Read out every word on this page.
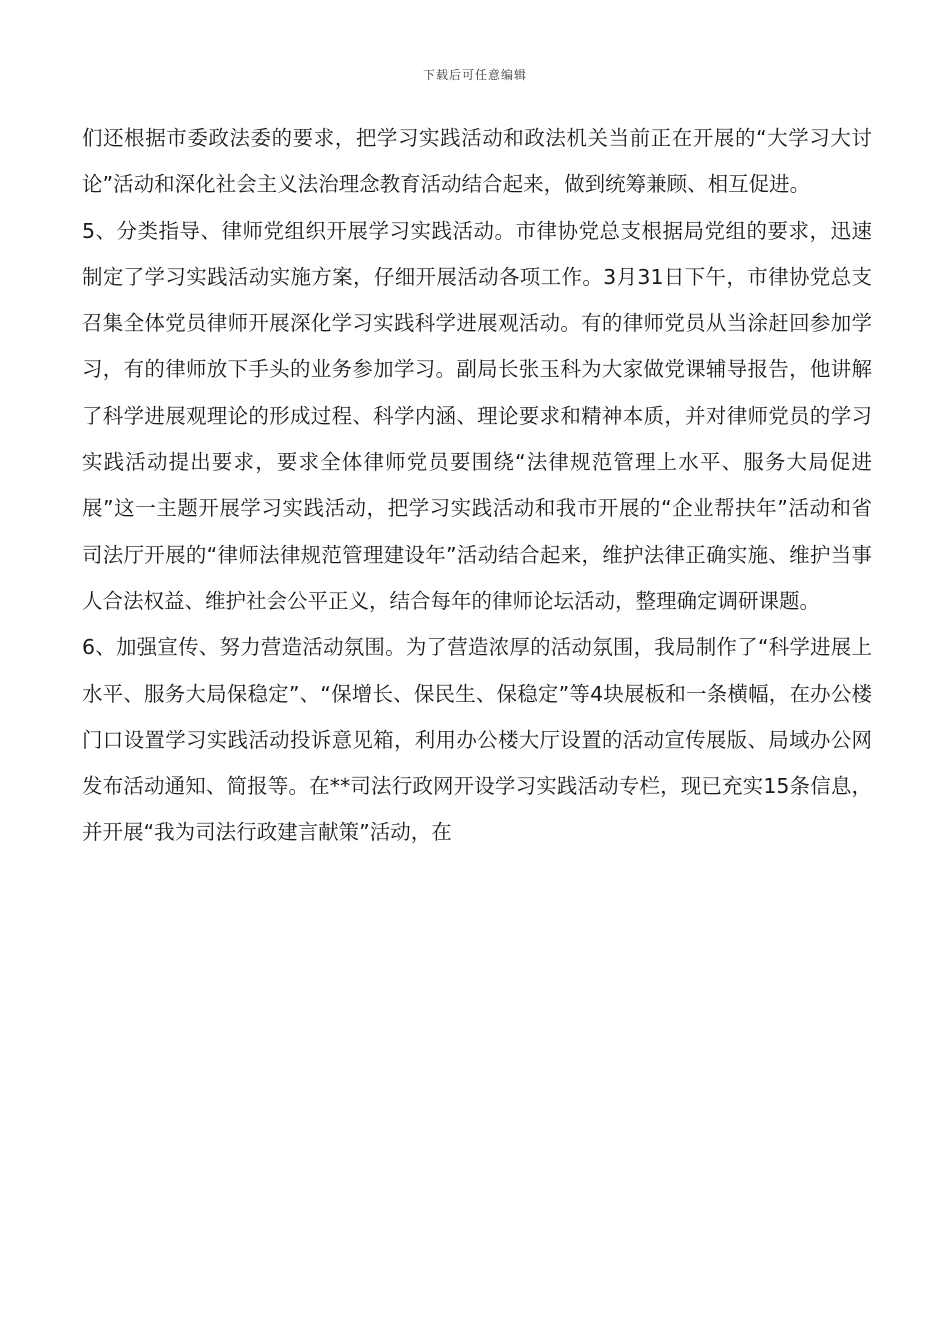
下载后可任意编辑

们还根据市委政法委的要求，把学习实践活动和政法机关当前正在开展的“大学习大讨论”活动和深化社会主义法治理念教育活动结合起来，做到统筹兼顾、相互促进。

5、分类指导、律师党组织开展学习实践活动。市律协党总支根据局党组的要求，迅速制定了学习实践活动实施方案，仔细开展活动各项工作。3月31日下午，市律协党总支召集全体党员律师开展深化学习实践科学进展观活动。有的律师党员从当涂赶回参加学习，有的律师放下手头的业务参加学习。副局长张玉科为大家做党课辅导报告，他讲解了科学进展观理论的形成过程、科学内涵、理论要求和精神本质，并对律师党员的学习实践活动提出要求，要求全体律师党员要围绕“法律规范管理上水平、服务大局促进展”这一主题开展学习实践活动，把学习实践活动和我市开展的“企业帮扶年”活动和省司法厅开展的“律师法律规范管理建设年”活动结合起来，维护法律正确实施、维护当事人合法权益、维护社会公平正义，结合每年的律师论坛活动，整理确定调研课题。

6、加强宣传、努力营造活动氛围。为了营造浓厚的活动氛围，我局制作了“科学进展上水平、服务大局保稳定”、“保增长、保民生、保稳定”等4块展板和一条横幅，在办公楼门口设置学习实践活动投诉意见箱，利用办公楼大厅设置的活动宣传展版、局域办公网发布活动通知、简报等。在**司法行政网开设学习实践活动专栏，现已充实15条信息，并开展“我为司法行政建言献策”活动，在
